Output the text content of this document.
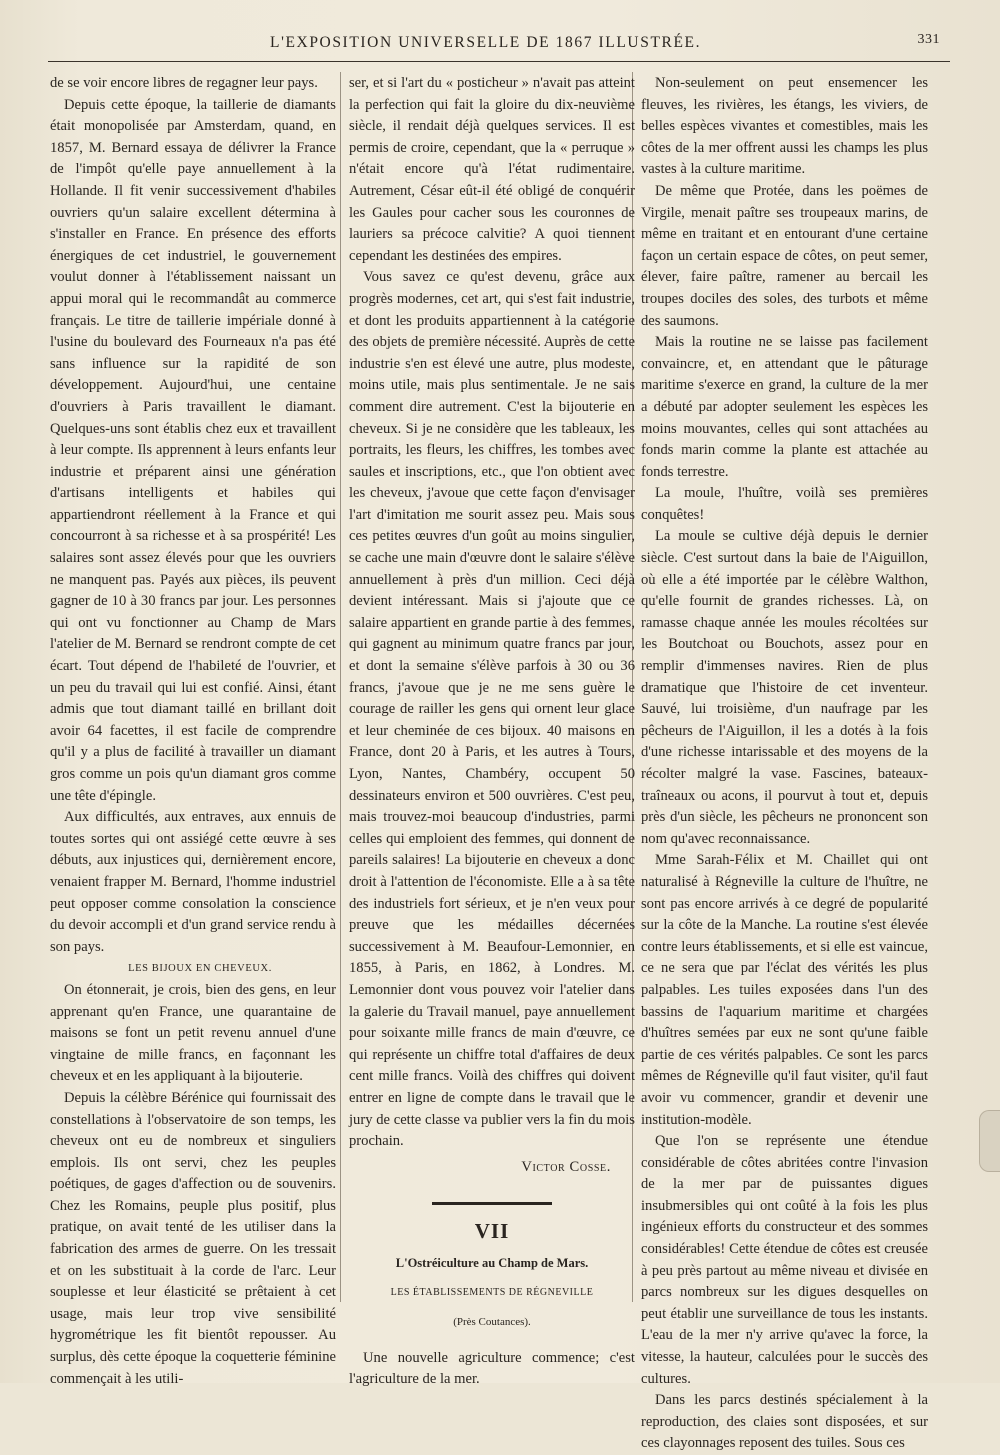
L'EXPOSITION UNIVERSELLE DE 1867 ILLUSTRÉE.	331

de se voir encore libres de regagner leur pays.

Depuis cette époque, la taillerie de diamants était monopolisée par Amsterdam, quand, en 1857, M. Bernard essaya de délivrer la France de l'impôt qu'elle paye annuellement à la Hollande. Il fit venir successivement d'habiles ouvriers qu'un salaire excellent détermina à s'installer en France. En présence des efforts énergiques de cet industriel, le gouvernement voulut donner à l'établissement naissant un appui moral qui le recommandât au commerce français. Le titre de taillerie impériale donné à l'usine du boulevard des Fourneaux n'a pas été sans influence sur la rapidité de son développement. Aujourd'hui, une centaine d'ouvriers à Paris travaillent le diamant. Quelques-uns sont établis chez eux et travaillent à leur compte. Ils apprennent à leurs enfants leur industrie et préparent ainsi une génération d'artisans intelligents et habiles qui appartiendront réellement à la France et qui concourront à sa richesse et à sa prospérité! Les salaires sont assez élevés pour que les ouvriers ne manquent pas. Payés aux pièces, ils peuvent gagner de 10 à 30 francs par jour. Les personnes qui ont vu fonctionner au Champ de Mars l'atelier de M. Bernard se rendront compte de cet écart. Tout dépend de l'habileté de l'ouvrier, et un peu du travail qui lui est confié. Ainsi, étant admis que tout diamant taillé en brillant doit avoir 64 facettes, il est facile de comprendre qu'il y a plus de facilité à travailler un diamant gros comme un pois qu'un diamant gros comme une tête d'épingle.

Aux difficultés, aux entraves, aux ennuis de toutes sortes qui ont assiégé cette œuvre à ses débuts, aux injustices qui, dernièrement encore, venaient frapper M. Bernard, l'homme industriel peut opposer comme consolation la conscience du devoir accompli et d'un grand service rendu à son pays.

LES BIJOUX EN CHEVEUX.

On étonnerait, je crois, bien des gens, en leur apprenant qu'en France, une quarantaine de maisons se font un petit revenu annuel d'une vingtaine de mille francs, en façonnant les cheveux et en les appliquant à la bijouterie.

Depuis la célèbre Bérénice qui fournissait des constellations à l'observatoire de son temps, les cheveux ont eu de nombreux et singuliers emplois. Ils ont servi, chez les peuples poétiques, de gages d'affection ou de souvenirs. Chez les Romains, peuple plus positif, plus pratique, on avait tenté de les utiliser dans la fabrication des armes de guerre. On les tressait et on les substituait à la corde de l'arc. Leur souplesse et leur élasticité se prêtaient à cet usage, mais leur trop vive sensibilité hygrométrique les fit bientôt repousser. Au surplus, dès cette époque la coquetterie féminine commençait à les utili-

ser, et si l'art du « posticheur » n'avait pas atteint la perfection qui fait la gloire du dix-neuvième siècle, il rendait déjà quelques services. Il est permis de croire, cependant, que la « perruque » n'était encore qu'à l'état rudimentaire. Autrement, César eût-il été obligé de conquérir les Gaules pour cacher sous les couronnes de lauriers sa précoce calvitie? A quoi tiennent cependant les destinées des empires.

Vous savez ce qu'est devenu, grâce aux progrès modernes, cet art, qui s'est fait industrie, et dont les produits appartiennent à la catégorie des objets de première nécessité. Auprès de cette industrie s'en est élevé une autre, plus modeste, moins utile, mais plus sentimentale. Je ne sais comment dire autrement. C'est la bijouterie en cheveux. Si je ne considère que les tableaux, les portraits, les fleurs, les chiffres, les tombes avec saules et inscriptions, etc., que l'on obtient avec les cheveux, j'avoue que cette façon d'envisager l'art d'imitation me sourit assez peu. Mais sous ces petites œuvres d'un goût au moins singulier, se cache une main d'œuvre dont le salaire s'élève annuellement à près d'un million. Ceci déjà devient intéressant. Mais si j'ajoute que ce salaire appartient en grande partie à des femmes, qui gagnent au minimum quatre francs par jour, et dont la semaine s'élève parfois à 30 ou 36 francs, j'avoue que je ne me sens guère le courage de railler les gens qui ornent leur glace et leur cheminée de ces bijoux. 40 maisons en France, dont 20 à Paris, et les autres à Tours, Lyon, Nantes, Chambéry, occupent 50 dessinateurs environ et 500 ouvrières. C'est peu, mais trouvez-moi beaucoup d'industries, parmi celles qui emploient des femmes, qui donnent de pareils salaires! La bijouterie en cheveux a donc droit à l'attention de l'économiste. Elle a à sa tête des industriels fort sérieux, et je n'en veux pour preuve que les médailles décernées successivement à M. Beaufour-Lemonnier, en 1855, à Paris, en 1862, à Londres. M. Lemonnier dont vous pouvez voir l'atelier dans la galerie du Travail manuel, paye annuellement pour soixante mille francs de main d'œuvre, ce qui représente un chiffre total d'affaires de deux cent mille francs. Voilà des chiffres qui doivent entrer en ligne de compte dans le travail que le jury de cette classe va publier vers la fin du mois prochain.

Victor Cosse.
VII
L'Ostréiculture au Champ de Mars.
LES ÉTABLISSEMENTS DE RÉGNEVILLE
(Près Coutances).

Une nouvelle agriculture commence; c'est l'agriculture de la mer.

Non-seulement on peut ensemencer les fleuves, les rivières, les étangs, les viviers, de belles espèces vivantes et comestibles, mais les côtes de la mer offrent aussi les champs les plus vastes à la culture maritime.

De même que Protée, dans les poëmes de Virgile, menait paître ses troupeaux marins, de même en traitant et en entourant d'une certaine façon un certain espace de côtes, on peut semer, élever, faire paître, ramener au bercail les troupes dociles des soles, des turbots et même des saumons.

Mais la routine ne se laisse pas facilement convaincre, et, en attendant que le pâturage maritime s'exerce en grand, la culture de la mer a débuté par adopter seulement les espèces les moins mouvantes, celles qui sont attachées au fonds marin comme la plante est attachée au fonds terrestre.

La moule, l'huître, voilà ses premières conquêtes!

La moule se cultive déjà depuis le dernier siècle. C'est surtout dans la baie de l'Aiguillon, où elle a été importée par le célèbre Walthon, qu'elle fournit de grandes richesses. Là, on ramasse chaque année les moules récoltées sur les Boutchoat ou Bouchots, assez pour en remplir d'immenses navires. Rien de plus dramatique que l'histoire de cet inventeur. Sauvé, lui troisième, d'un naufrage par les pêcheurs de l'Aiguillon, il les a dotés à la fois d'une richesse intarissable et des moyens de la récolter malgré la vase. Fascines, bateaux-traîneaux ou acons, il pourvut à tout et, depuis près d'un siècle, les pêcheurs ne prononcent son nom qu'avec reconnaissance.

Mme Sarah-Félix et M. Chaillet qui ont naturalisé à Régneville la culture de l'huître, ne sont pas encore arrivés à ce degré de popularité sur la côte de la Manche. La routine s'est élevée contre leurs établissements, et si elle est vaincue, ce ne sera que par l'éclat des vérités les plus palpables. Les tuiles exposées dans l'un des bassins de l'aquarium maritime et chargées d'huîtres semées par eux ne sont qu'une faible partie de ces vérités palpables. Ce sont les parcs mêmes de Régneville qu'il faut visiter, qu'il faut avoir vu commencer, grandir et devenir une institution-modèle.

Que l'on se représente une étendue considérable de côtes abritées contre l'invasion de la mer par de puissantes digues insubmersibles qui ont coûté à la fois les plus ingénieux efforts du constructeur et des sommes considérables! Cette étendue de côtes est creusée à peu près partout au même niveau et divisée en parcs nombreux sur les digues desquelles on peut établir une surveillance de tous les instants. L'eau de la mer n'y arrive qu'avec la force, la vitesse, la hauteur, calculées pour le succès des cultures.

Dans les parcs destinés spécialement à la reproduction, des claies sont disposées, et sur ces clayonnages reposent des tuiles. Sous ces
